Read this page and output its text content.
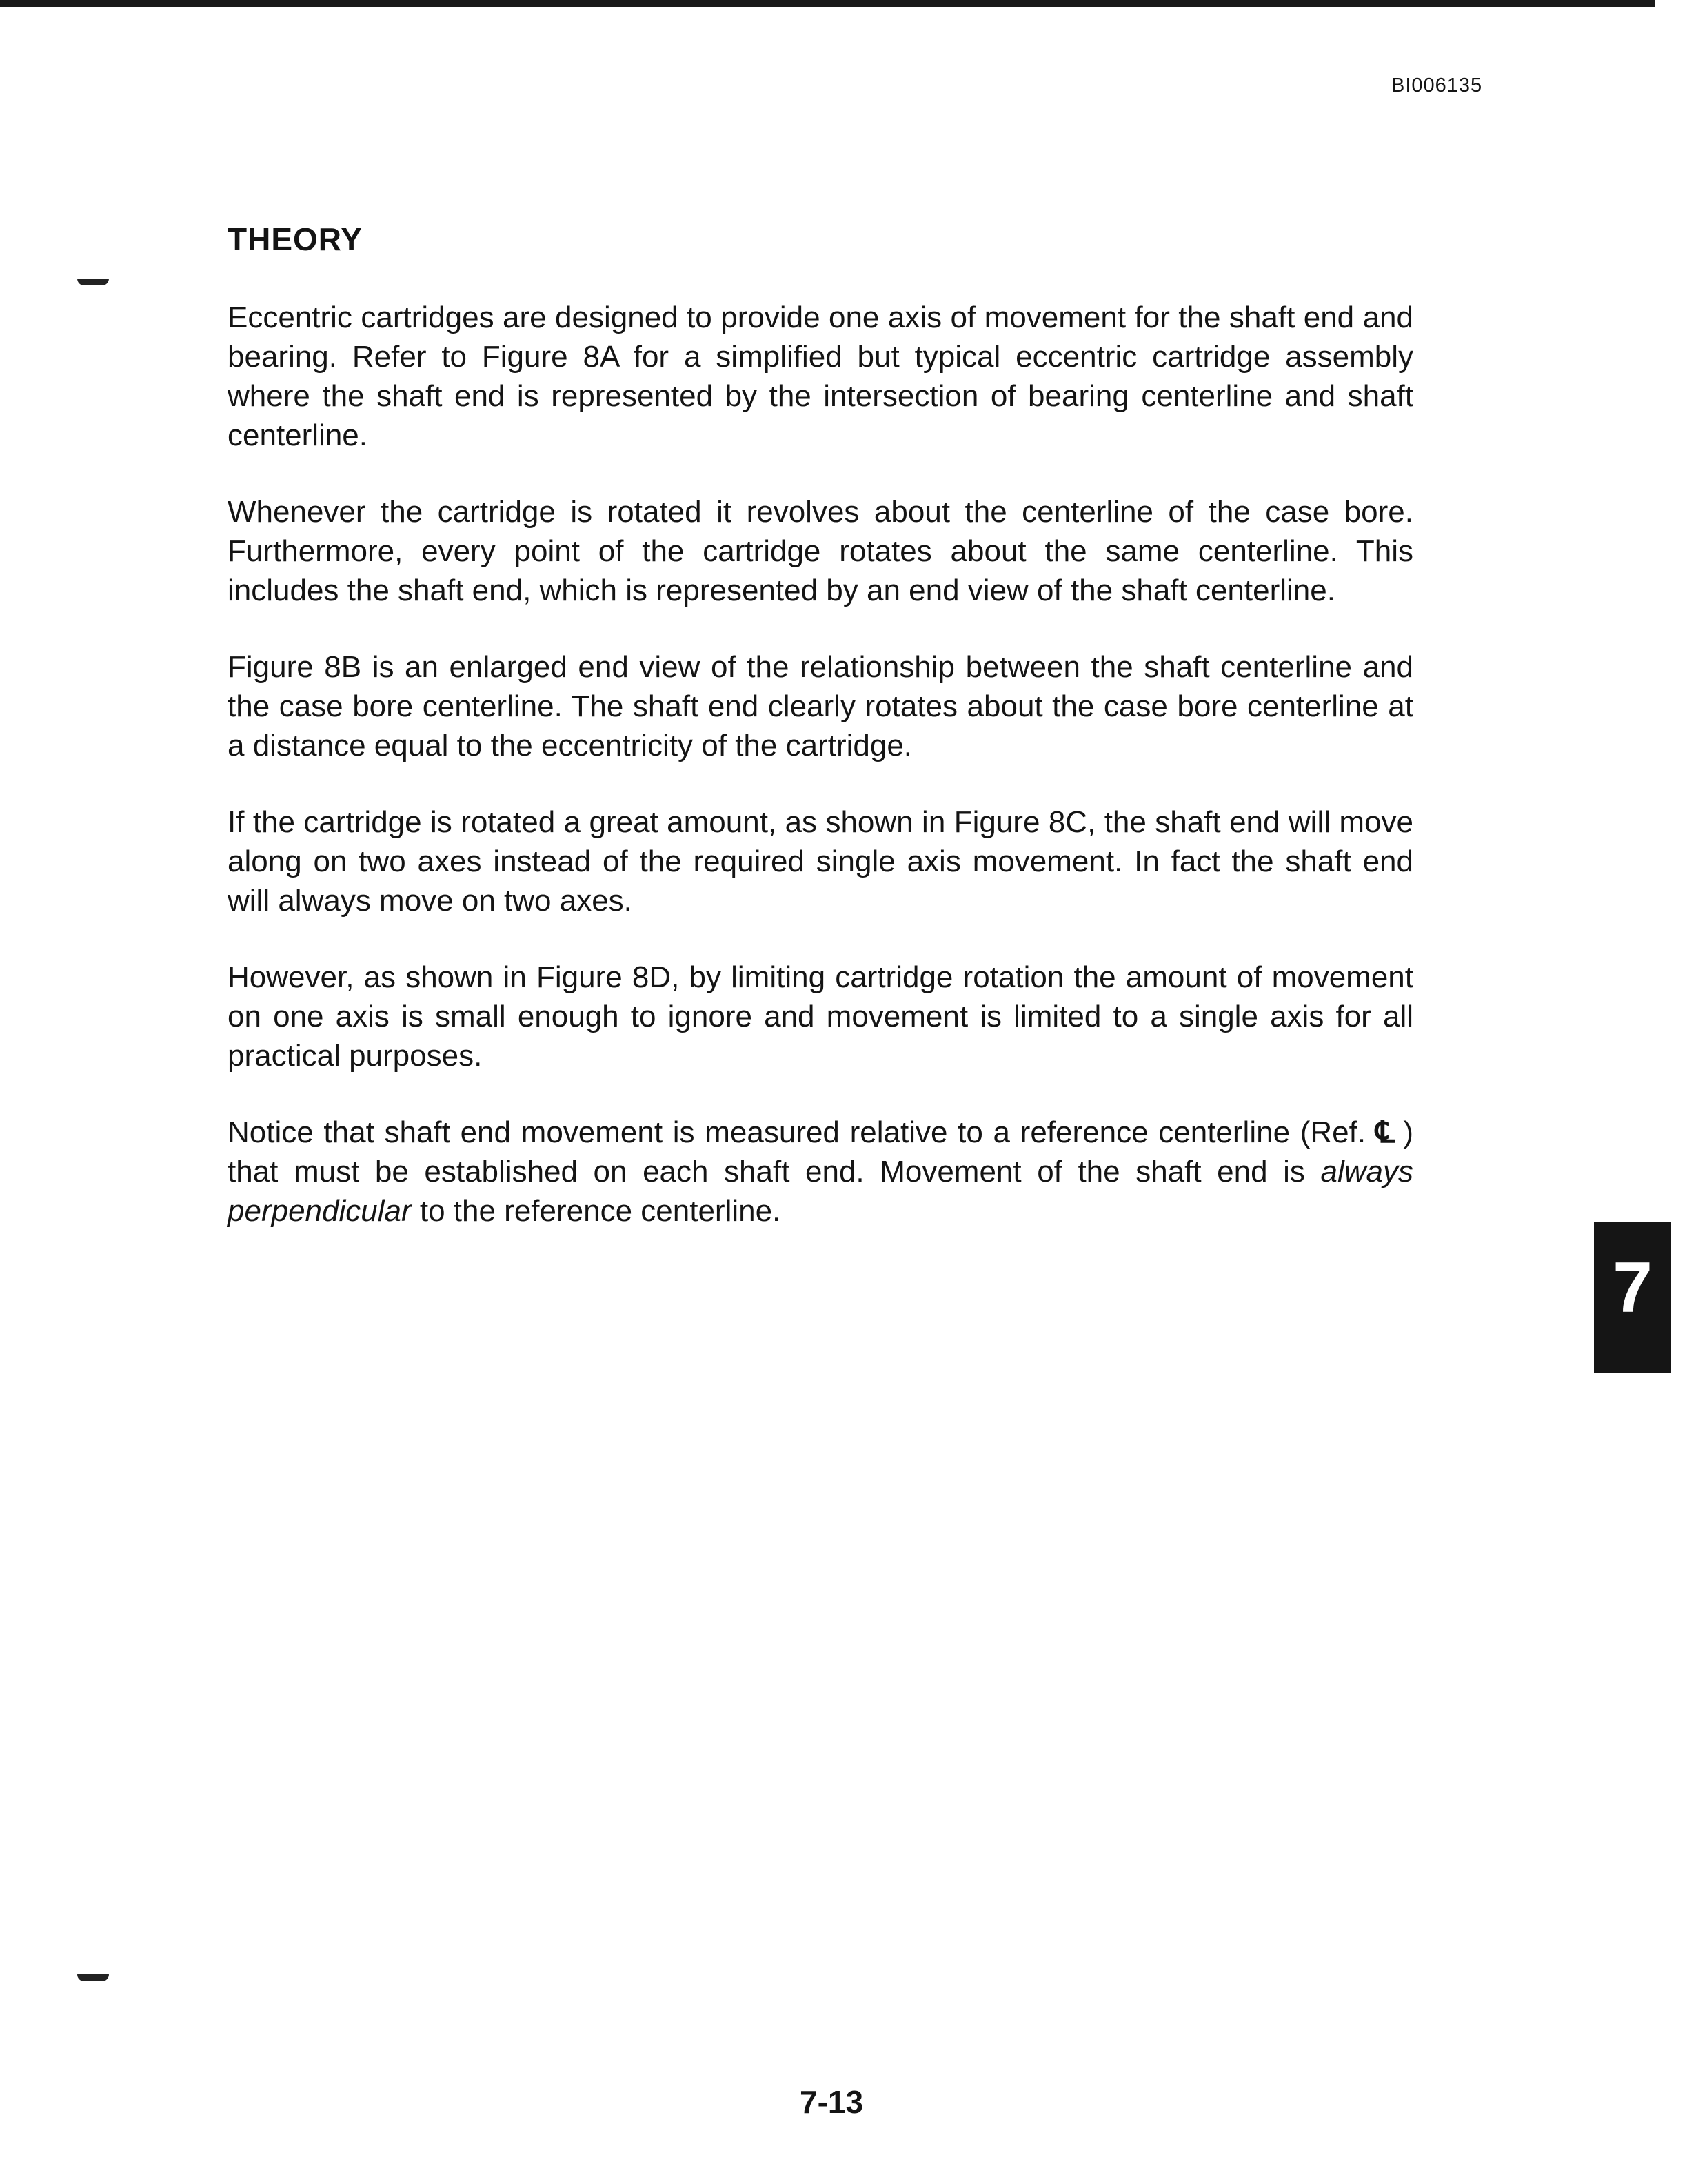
BI006135
THEORY

Eccentric cartridges are designed to provide one axis of movement for the shaft end and bearing. Refer to Figure 8A for a simplified but typical eccentric cartridge assembly where the shaft end is represented by the intersection of bearing centerline and shaft centerline.

Whenever the cartridge is rotated it revolves about the centerline of the case bore. Furthermore, every point of the cartridge rotates about the same centerline. This includes the shaft end, which is represented by an end view of the shaft centerline.

Figure 8B is an enlarged end view of the relationship between the shaft centerline and the case bore centerline. The shaft end clearly rotates about the case bore centerline at a distance equal to the eccentricity of the cartridge.

If the cartridge is rotated a great amount, as shown in Figure 8C, the shaft end will move along on two axes instead of the required single axis movement. In fact the shaft end will always move on two axes.

However, as shown in Figure 8D, by limiting cartridge rotation the amount of movement on one axis is small enough to ignore and movement is limited to a single axis for all practical purposes.

Notice that shaft end movement is measured relative to a reference centerline (Ref. ℄ ) that must be established on each shaft end. Movement of the shaft end is always perpendicular to the reference centerline.

7
7-13
